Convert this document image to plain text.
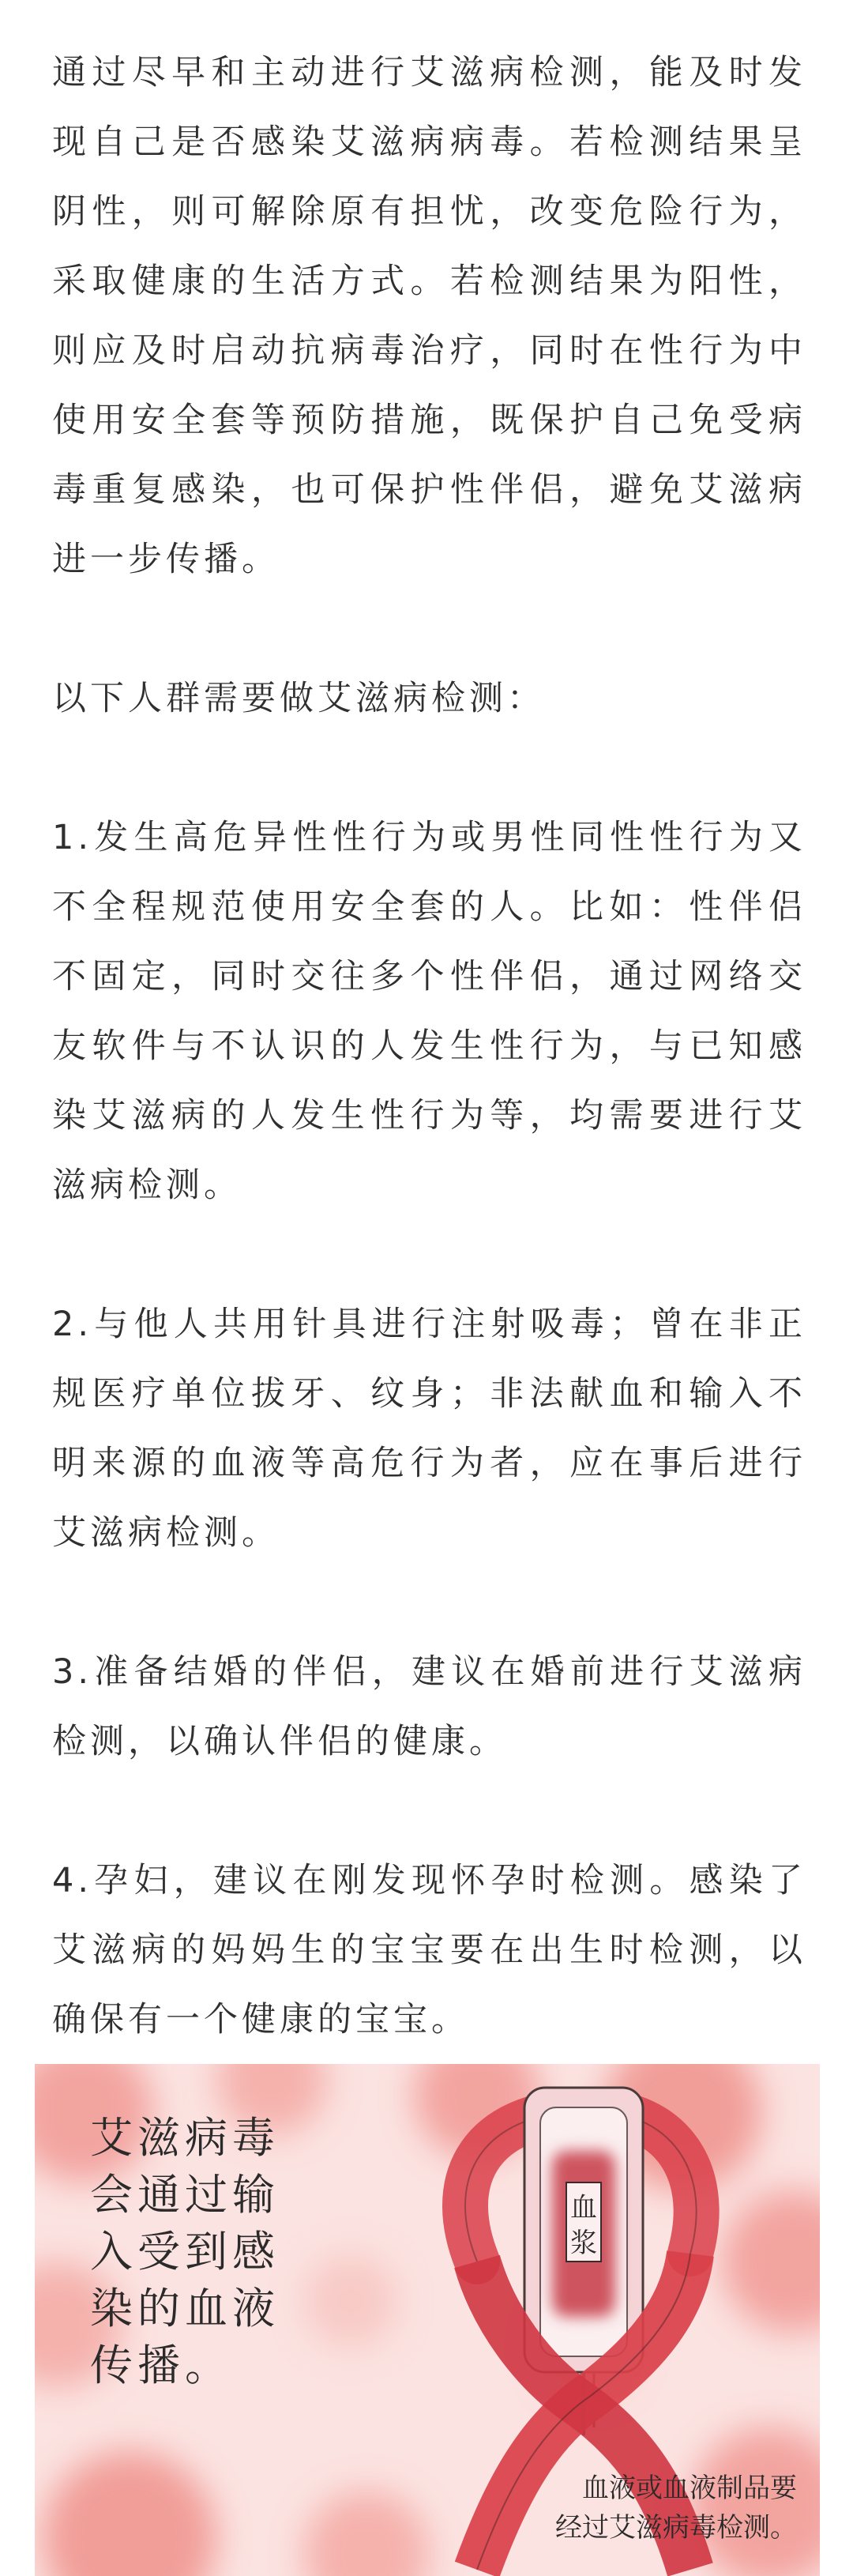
通过尽早和主动进行艾滋病检测，能及时发现自己是否感染艾滋病病毒。若检测结果呈阴性，则可解除原有担忧，改变危险行为，采取健康的生活方式。若检测结果为阳性，则应及时启动抗病毒治疗，同时在性行为中使用安全套等预防措施，既保护自己免受病毒重复感染，也可保护性伴侣，避免艾滋病进一步传播。

以下人群需要做艾滋病检测：

1.发生高危异性性行为或男性同性性行为又不全程规范使用安全套的人。比如：性伴侣不固定，同时交往多个性伴侣，通过网络交友软件与不认识的人发生性行为，与已知感染艾滋病的人发生性行为等，均需要进行艾滋病检测。

2.与他人共用针具进行注射吸毒；曾在非正规医疗单位拔牙、纹身；非法献血和输入不明来源的血液等高危行为者，应在事后进行艾滋病检测。

3.准备结婚的伴侣，建议在婚前进行艾滋病检测，以确认伴侣的健康。

4.孕妇，建议在刚发现怀孕时检测。感染了艾滋病的妈妈生的宝宝要在出生时检测，以确保有一个健康的宝宝。

艾滋病毒
会通过输
入受到感
染的血液
传播。
血
浆
血液或血液制品要
经过艾滋病毒检测。
